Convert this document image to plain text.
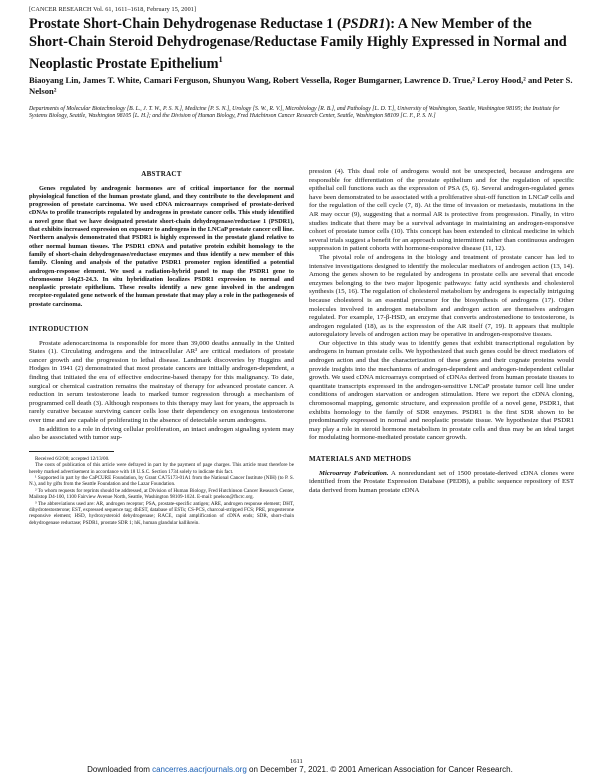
[CANCER RESEARCH Vol. 61, 1611–1618, February 15, 2001]
Prostate Short-Chain Dehydrogenase Reductase 1 (PSDR1): A New Member of the Short-Chain Steroid Dehydrogenase/Reductase Family Highly Expressed in Normal and Neoplastic Prostate Epithelium$^1$
Biaoyang Lin, James T. White, Camari Ferguson, Shunyou Wang, Robert Vessella, Roger Bumgarner, Lawrence D. True,² Leroy Hood,² and Peter S. Nelson²
Departments of Molecular Biotechnology [B. L., J. T. W., P. S. N.], Medicine [P. S. N.], Urology [S. W., R. V.], Microbiology [R. B.], and Pathology [L. D. T.], University of Washington, Seattle, Washington 98195; the Institute for Systems Biology, Seattle, Washington 98105 [L. H.]; and the Division of Human Biology, Fred Hutchinson Cancer Research Center, Seattle, Washington 98109 [C. F., P. S. N.]
ABSTRACT

Genes regulated by androgenic hormones are of critical importance for the normal physiological function of the human prostate gland, and they contribute to the development and progression of prostate carcinoma. We used cDNA microarrays comprised of prostate-derived cDNAs to profile transcripts regulated by androgens in prostate cancer cells. This study identified a novel gene that we have designated prostate short-chain dehydrogenase/reductase 1 (PSDR1), that exhibits increased expression on exposure to androgens in the LNCaP prostate cancer cell line. Northern analysis demonstrated that PSDR1 is highly expressed in the prostate gland relative to other normal human tissues. The PSDR1 cDNA and putative protein exhibit homology to the family of short-chain dehydrogenase/reductase enzymes and thus identify a new member of this family. Cloning and analysis of the putative PSDR1 promoter region identified a potential androgen-response element. We used a radiation-hybrid panel to map the PSDR1 gene to chromosome 14q23-24.3. In situ hybridization localizes PSDR1 expression to normal and neoplastic prostate epithelium. These results identify a new gene involved in the androgen receptor-regulated gene network of the human prostate that may play a role in the pathogenesis of prostate carcinoma.

INTRODUCTION

Prostate adenocarcinoma is responsible for more than 39,000 deaths annually in the United States (1). Circulating androgens and the intracellular AR³ are critical mediators of prostate cancer growth and the progression to lethal disease. Landmark discoveries by Huggins and Hodges in 1941 (2) demonstrated that most prostate cancers are initially androgen-dependent, a finding that initiated the era of effective endocrine-based therapy for this malignancy. To date, surgical or chemical castration remains the mainstay of therapy for advanced prostate cancer. A reduction in serum testosterone leads to marked tumor regression through a mechanism of programmed cell death (3). Although responses to this therapy may last for years, the approach is rarely curative because surviving cancer cells lose their dependency on exogenous testosterone over time and are capable of proliferating in the absence of detectable serum androgens.

In addition to a role in driving cellular proliferation, an intact androgen signaling system may also be associated with tumor sup-

Received 6/2/00; accepted 12/13/00.

The costs of publication of this article were defrayed in part by the payment of page charges. This article must therefore be hereby marked advertisement in accordance with 18 U.S.C. Section 1734 solely to indicate this fact.

¹ Supported in part by the CaPCURE Foundation, by Grant CA75173-01A1 from the National Cancer Institute (NIH) (to P. S. N.), and by gifts from the Seattle Foundation and the Lazar Foundation.

² To whom requests for reprints should be addressed, at Division of Human Biology, Fred Hutchinson Cancer Research Center, Mailstop D4-100, 1100 Fairview Avenue North, Seattle, Washington 98109-1024. E-mail: pnelson@fhcrc.org.

³ The abbreviations used are: AR, androgen receptor; PSA, prostate-specific antigen; ARE, androgen response element; DHT, dihydrotestosterone; EST, expressed sequence tag; dbEST, database of ESTs; CS-PCS, charcoal-stripped FCS; PRE, progesterone responsive element; HSD, hydroxysteroid dehydrogenase; RACE, rapid amplification of cDNA ends; SDR, short-chain dehydrogenase reductase; PSDR1, prostate SDR 1; hK, human glandular kallikrein.

pression (4). This dual role of androgens would not be unexpected, because androgens are responsible for differentiation of the prostate epithelium and for the regulation of specific epithelial cell functions such as the expression of PSA (5, 6). Several androgen-regulated genes have been demonstrated to be associated with a proliferative shut-off function in LNCaP cells and for the regulation of the cell cycle (7, 8). At the time of invasion or metastasis, mutations in the AR may occur (9), suggesting that a normal AR is protective from progression. Finally, in vitro studies indicate that there may be a survival advantage in maintaining an androgen-responsive cohort of prostate tumor cells (10). This concept has been extended to clinical medicine in which several trials suggest a benefit for an approach using intermittent rather than continuous androgen suppression in patient cohorts with hormone-responsive disease (11, 12).

The pivotal role of androgens in the biology and treatment of prostate cancer has led to intensive investigations designed to identify the molecular mediators of androgen action (13, 14). Among the genes shown to be regulated by androgens in prostate cells are several that encode enzymes belonging to the two major lipogenic pathways: fatty acid synthesis and cholesterol synthesis (15, 16). The regulation of cholesterol metabolism by androgens is especially intriguing because cholesterol is an essential precursor for the biosynthesis of androgens (17). Other molecules involved in androgen metabolism and androgen action are themselves androgen regulated. For example, 17-β-HSD, an enzyme that converts androstenedione to testosterone, is androgen regulated (18), as is the expression of the AR itself (7, 19). It appears that multiple autoregulatory levels of androgen action may be operative in androgen-responsive tissues.

Our objective in this study was to identify genes that exhibit transcriptional regulation by androgens in human prostate cells. We hypothesized that such genes could be direct mediators of androgen action and that the characterization of these genes and their cognate proteins would provide insights into the mechanisms of androgen-dependent and androgen-independent cellular growth. We used cDNA microarrays comprised of cDNAs derived from human prostate tissues to quantitate transcripts expressed in the androgen-sensitive LNCaP prostate tumor cell line under conditions of androgen starvation or androgen stimulation. Here we report the cDNA cloning, chromosomal mapping, genomic structure, and expression profile of a novel gene, PSDR1, that exhibits homology to the family of SDR enzymes. PSDR1 is the first SDR shown to be predominantly expressed in normal and neoplastic prostate tissue. We hypothesize that PSDR1 may play a role in steroid hormone metabolism in prostate cells and thus may be an ideal target for modulating hormone-mediated prostate cancer growth.

MATERIALS AND METHODS

Microarray Fabrication. A nonredundant set of 1500 prostate-derived cDNA clones were identified from the Prostate Expression Database (PEDB), a public sequence repository of EST data derived from human prostate cDNA

1611
Downloaded from cancerres.aacrjournals.org on December 7, 2021. © 2001 American Association for Cancer Research.
